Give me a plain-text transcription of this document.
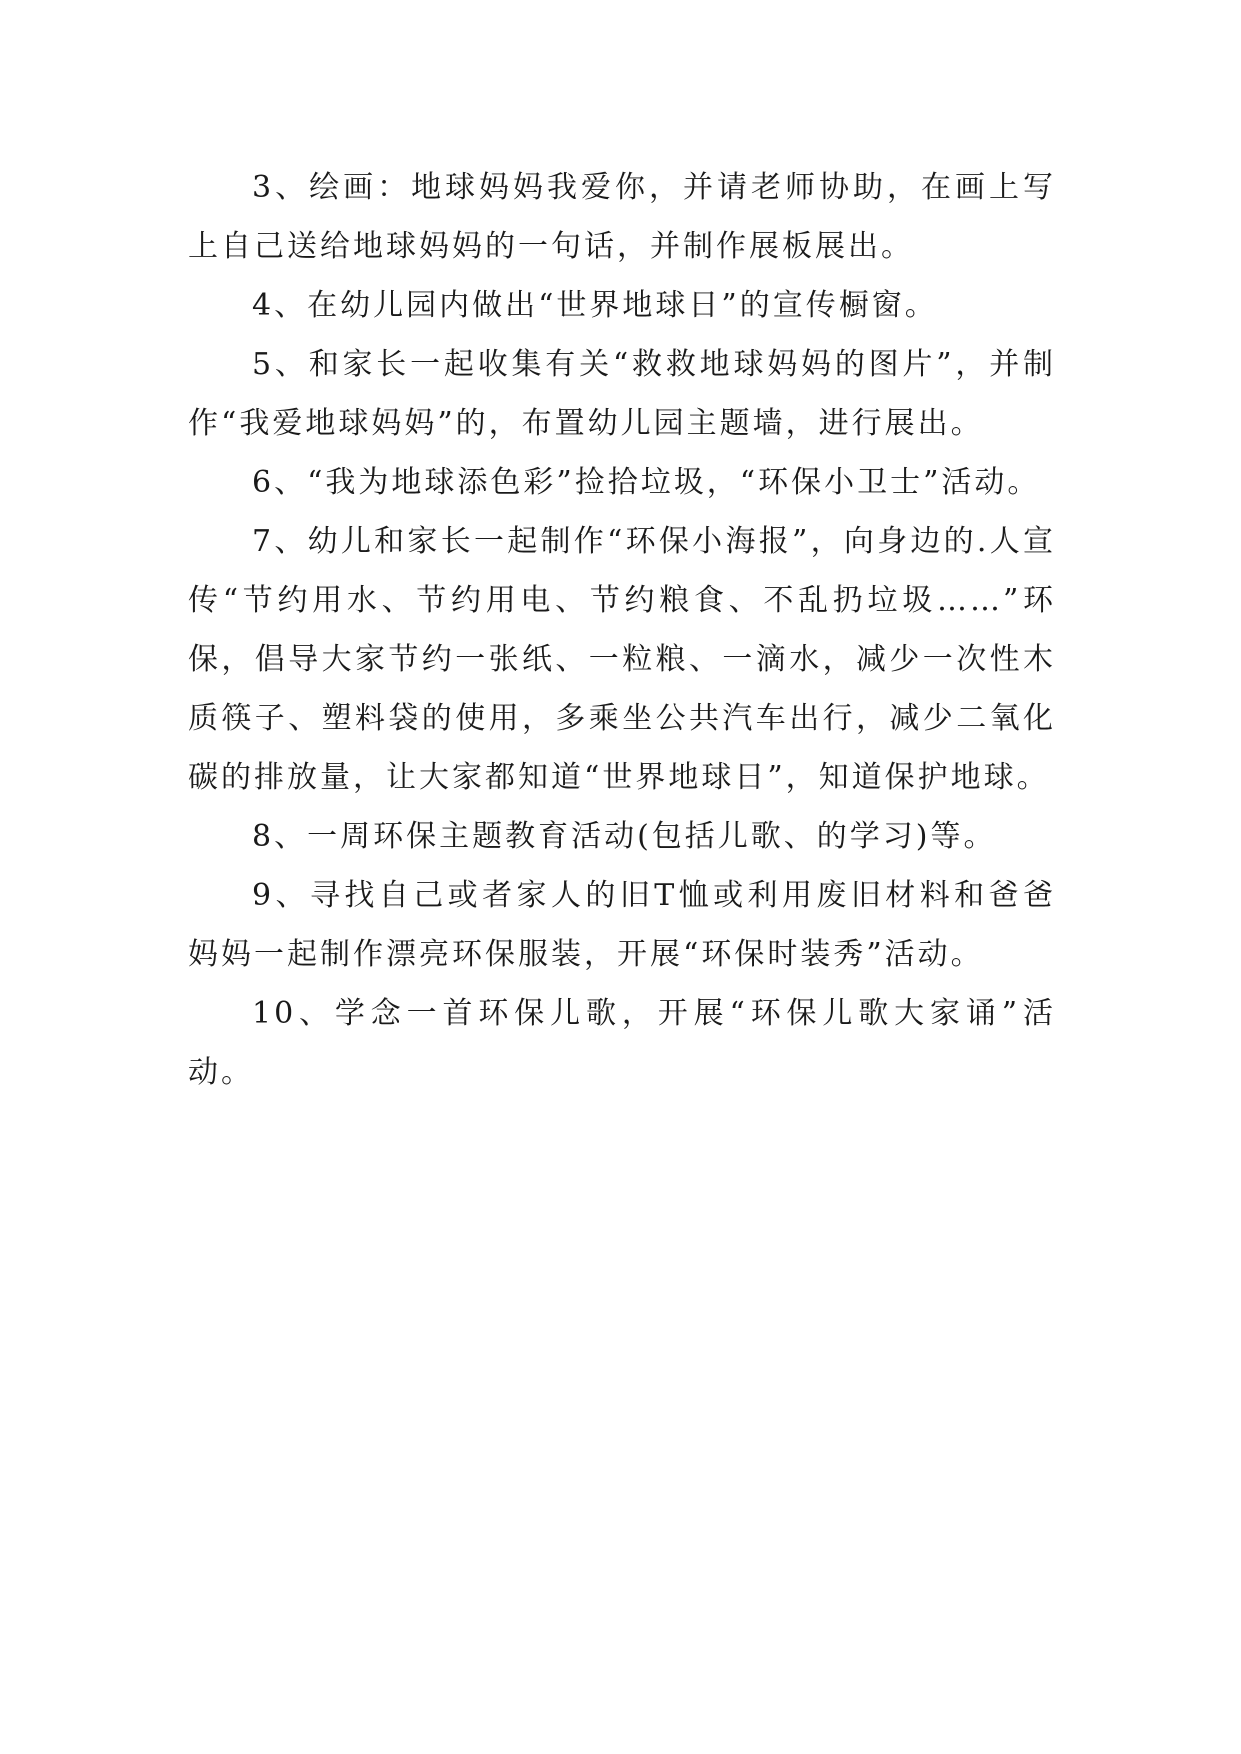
3、绘画：地球妈妈我爱你，并请老师协助，在画上写上自己送给地球妈妈的一句话，并制作展板展出。

4、在幼儿园内做出“世界地球日”的宣传橱窗。

5、和家长一起收集有关“救救地球妈妈的图片”，并制作“我爱地球妈妈”的，布置幼儿园主题墙，进行展出。

6、“我为地球添色彩”捡拾垃圾，“环保小卫士”活动。

7、幼儿和家长一起制作“环保小海报”，向身边的.人宣传“节约用水、节约用电、节约粮食、不乱扔垃圾……”环保，倡导大家节约一张纸、一粒粮、一滴水，减少一次性木质筷子、塑料袋的使用，多乘坐公共汽车出行，减少二氧化碳的排放量，让大家都知道“世界地球日”，知道保护地球。

8、一周环保主题教育活动(包括儿歌、的学习)等。

9、寻找自己或者家人的旧T恤或利用废旧材料和爸爸妈妈一起制作漂亮环保服装，开展“环保时装秀”活动。

10、学念一首环保儿歌，开展“环保儿歌大家诵”活动。
